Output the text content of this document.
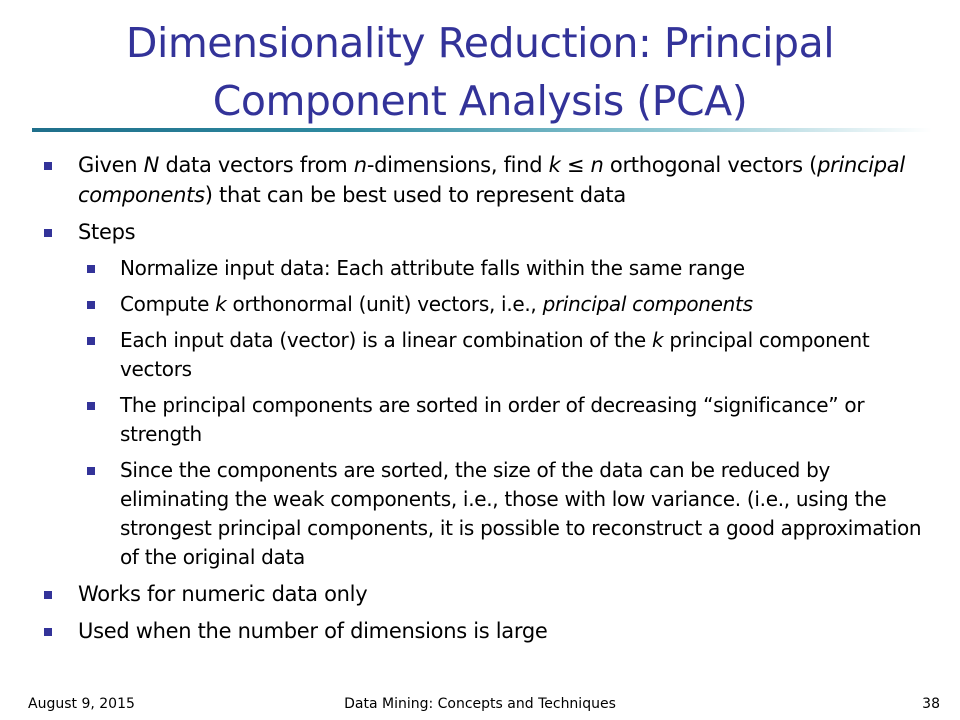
Dimensionality Reduction: Principal Component Analysis (PCA)
Given N data vectors from n-dimensions, find k ≤ n orthogonal vectors (principal components) that can be best used to represent data
Steps
Normalize input data: Each attribute falls within the same range
Compute k orthonormal (unit) vectors, i.e., principal components
Each input data (vector) is a linear combination of the k principal component vectors
The principal components are sorted in order of decreasing “significance” or strength
Since the components are sorted, the size of the data can be reduced by eliminating the weak components, i.e., those with low variance. (i.e., using the strongest principal components, it is possible to reconstruct a good approximation of the original data
Works for numeric data only
Used when the number of dimensions is large
August 9, 2015	Data Mining: Concepts and Techniques	38
